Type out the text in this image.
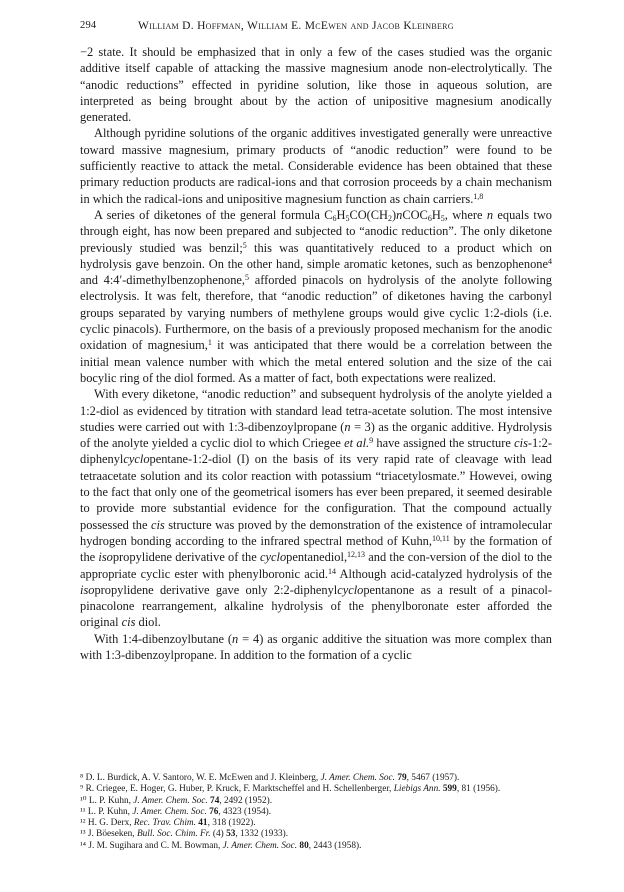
294	William D. Hoffman, William E. McEwen and Jacob Kleinberg

−2 state. It should be emphasized that in only a few of the cases studied was the organic additive itself capable of attacking the massive magnesium anode non-electrolytically. The “anodic reductions” effected in pyridine solution, like those in aqueous solution, are interpreted as being brought about by the action of unipositive magnesium anodically generated.

Although pyridine solutions of the organic additives investigated generally were unreactive toward massive magnesium, primary products of “anodic reduction” were found to be sufficiently reactive to attack the metal. Considerable evidence has been obtained that these primary reduction products are radical-ions and that corrosion proceeds by a chain mechanism in which the radical-ions and unipositive magnesium function as chain carriers.$^{1,8}$

A series of diketones of the general formula $C_6H_5CO(CH_2)nCOC_6H_5$, where n equals two through eight, has now been prepared and subjected to “anodic reduction”. The only diketone previously studied was benzil;$^5$ this was quantitatively reduced to a product which on hydrolysis gave benzoin. On the other hand, simple aromatic ketones, such as benzophenone$^4$ and 4:4′-dimethylbenzophenone,$^5$ afforded pinacols on hydrolysis of the anolyte following electrolysis. It was felt, therefore, that “anodic reduction” of diketones having the carbonyl groups separated by varying numbers of methylene groups would give cyclic 1:2-diols (i.e. cyclic pinacols). Furthermore, on the basis of a previously proposed mechanism for the anodic oxidation of magnesium,$^1$ it was anticipated that there would be a correlation between the initial mean valence number with which the metal entered solution and the size of the cai bocylic ring of the diol formed. As a matter of fact, both expectations were realized.

With every diketone, “anodic reduction” and subsequent hydrolysis of the anolyte yielded a 1:2-diol as evidenced by titration with standard lead tetra-acetate solution. The most intensive studies were carried out with 1:3-dibenzoylpropane (n = 3) as the organic additive. Hydrolysis of the anolyte yielded a cyclic diol to which Criegee et al.$^9$ have assigned the structure cis-1:2-diphenylcyclopentane-1:2-diol (I) on the basis of its very rapid rate of cleavage with lead tetraacetate solution and its color reaction with potassium “triacetylosmate.” Howevei, owing to the fact that only one of the geometrical isomers has ever been prepared, it seemed desirable to provide more substantial evidence for the configuration. That the compound actually possessed the cis structure was pɪoved by the demonstration of the existence of intramolecular hydrogen bonding according to the infrared spectral method of Kuhn,$^{10,11}$ by the formation of the isopropylidene derivative of the cyclopentanediol,$^{12,13}$ and the con-version of the diol to the appropriate cyclic ester with phenylboronic acid.$^{14}$ Although acid-catalyzed hydrolysis of the isopropylidene derivative gave only 2:2-diphenylcyclopentanone as a result of a pinacol-pinacolone rearrangement, alkaline hydrolysis of the phenylboronate ester afforded the original cis diol.

With 1:4-dibenzoylbutane (n = 4) as organic additive the situation was more complex than with 1:3-dibenzoylpropane. In addition to the formation of a cyclic

⁸ D. L. Burdick, A. V. Santoro, W. E. McEwen and J. Kleinberg, J. Amer. Chem. Soc. 79, 5467 (1957).

⁹ R. Criegee, E. Hoger, G. Huber, P. Kruck, F. Marktscheffel and H. Schellenberger, Liebigs Ann. 599, 81 (1956).

¹⁰ L. P. Kuhn, J. Amer. Chem. Soc. 74, 2492 (1952).

¹¹ L. P. Kuhn, J. Amer. Chem. Soc. 76, 4323 (1954).

¹² H. G. Derx, Rec. Trav. Chim. 41, 318 (1922).

¹³ J. Böeseken, Bull. Soc. Chim. Fr. (4) 53, 1332 (1933).

¹⁴ J. M. Sugihara and C. M. Bowman, J. Amer. Chem. Soc. 80, 2443 (1958).
